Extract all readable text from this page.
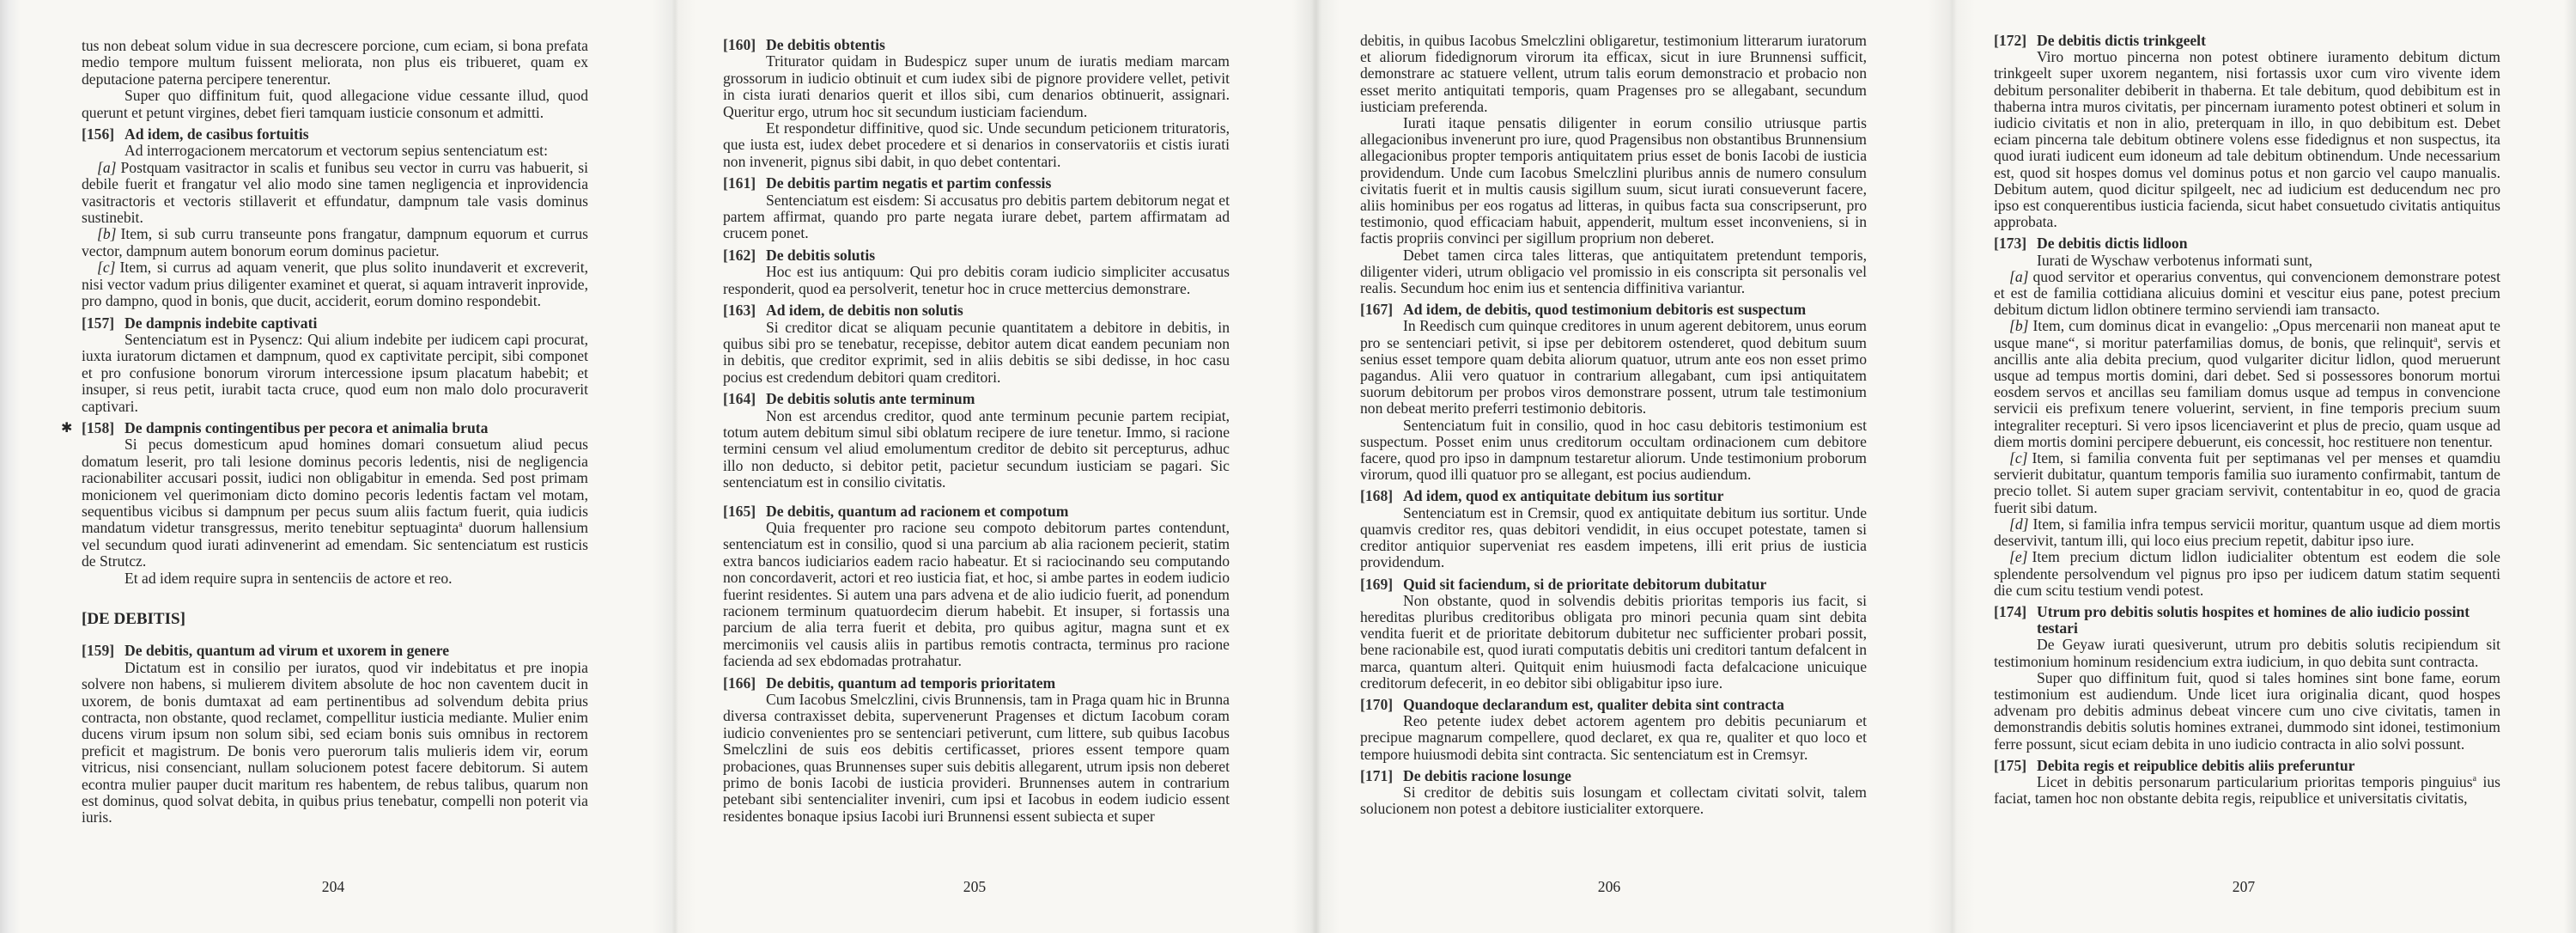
tus non debeat solum vidue in sua decrescere porcione, cum eciam, si bona prefata medio tempore multum fuissent meliorata, non plus eis tribueret, quam ex deputacione paterna percipere tenerentur.

Super quo diffinitum fuit, quod allegacione vidue cessante illud, quod querunt et petunt virgines, debet fieri tamquam iusticie consonum et admitti.

[156] Ad idem, de casibus fortuitis

Ad interrogacionem mercatorum et vectorum sepius sentenciatum est:

[a] Postquam vasitractor in scalis et funibus seu vector in curru vas habuerit, si debile fuerit et frangatur vel alio modo sine tamen negligencia et inprovidencia vasitractoris et vectoris stillaverit et effundatur, dampnum tale vasis dominus sustinebit.

[b] Item, si sub curru transeunte pons frangatur, dampnum equorum et currus vector, dampnum autem bonorum eorum dominus pacietur.

[c] Item, si currus ad aquam venerit, que plus solito inundaverit et excreverit, nisi vector vadum prius diligenter examinet et querat, si aquam intraverit inprovide, pro dampno, quod in bonis, que ducit, acciderit, eorum domino respondebit.

[157] De dampnis indebite captivati

Sentenciatum est in Pysencz: Qui alium indebite per iudicem capi procurat, iuxta iuratorum dictamen et dampnum, quod ex captivitate percipit, sibi componet et pro confusione bonorum virorum intercessione ipsum placatum habebit; et insuper, si reus petit, iurabit tacta cruce, quod eum non malo dolo procuraverit captivari.

✱ [158] De dampnis contingentibus per pecora et animalia bruta

Si pecus domesticum apud homines domari consuetum aliud pecus domatum leserit, pro tali lesione dominus pecoris ledentis, nisi de negligencia racionabiliter accusari possit, iudici non obligabitur in emenda. Sed post primam monicionem vel querimoniam dicto domino pecoris ledentis factam vel motam, sequentibus vicibus si dampnum per pecus suum aliis factum fuerit, quia iudicis mandatum videtur transgressus, merito tenebitur septuaginta$^a$ duorum hallensium vel secundum quod iurati adinvenerint ad emendam. Sic sentenciatum est rusticis de Strutcz.

Et ad idem require supra in sentenciis de actore et reo.

[DE DEBITIS]
[159] De debitis, quantum ad virum et uxorem in genere

Dictatum est in consilio per iuratos, quod vir indebitatus et pre inopia solvere non habens, si mulierem divitem absolute de hoc non caventem ducit in uxorem, de bonis dumtaxat ad eam pertinentibus ad solvendum debita prius contracta, non obstante, quod reclamet, compellitur iusticia mediante. Mulier enim ducens virum ipsum non solum sibi, sed eciam bonis suis omnibus in rectorem preficit et magistrum. De bonis vero puerorum talis mulieris idem vir, eorum vitricus, nisi consenciant, nullam solucionem potest facere debitorum. Si autem econtra mulier pauper ducit maritum res habentem, de rebus talibus, quarum non est dominus, quod solvat debita, in quibus prius tenebatur, compelli non poterit via iuris.

[160] De debitis obtentis

Triturator quidam in Budespicz super unum de iuratis mediam marcam grossorum in iudicio obtinuit et cum iudex sibi de pignore providere vellet, petivit in cista iurati denarios querit et illos sibi, cum denarios obtinuerit, assignari. Queritur ergo, utrum hoc sit secundum iusticiam faciendum.

Et respondetur diffinitive, quod sic. Unde secundum peticionem trituratoris, que iusta est, iudex debet procedere et si denarios in conservatoriis et cistis iurati non invenerit, pignus sibi dabit, in quo debet contentari.

[161] De debitis partim negatis et partim confessis

Sentenciatum est eisdem: Si accusatus pro debitis partem debitorum negat et partem affirmat, quando pro parte negata iurare debet, partem affirmatam ad crucem ponet.

[162] De debitis solutis

Hoc est ius antiquum: Qui pro debitis coram iudicio simpliciter accusatus responderit, quod ea persolverit, tenetur hoc in cruce mettercius demonstrare.

[163] Ad idem, de debitis non solutis

Si creditor dicat se aliquam pecunie quantitatem a debitore in debitis, in quibus sibi pro se tenebatur, recepisse, debitor autem dicat eandem pecuniam non in debitis, que creditor exprimit, sed in aliis debitis se sibi dedisse, in hoc casu pocius est credendum debitori quam creditori.

[164] De debitis solutis ante terminum

Non est arcendus creditor, quod ante terminum pecunie partem recipiat, totum autem debitum simul sibi oblatum recipere de iure tenetur. Immo, si racione termini censum vel aliud emolumentum creditor de debito sit percepturus, adhuc illo non deducto, si debitor petit, pacietur secundum iusticiam se pagari. Sic sentenciatum est in consilio civitatis.

[165] De debitis, quantum ad racionem et compotum

Quia frequenter pro racione seu compoto debitorum partes contendunt, sentenciatum est in consilio, quod si una parcium ab alia racionem pecierit, statim extra bancos iudiciarios eadem racio habeatur. Et si raciocinando seu computando non concordaverit, actori et reo iusticia fiat, et hoc, si ambe partes in eodem iudicio fuerint residentes. Si autem una pars advena et de alio iudicio fuerit, ad ponendum racionem terminum quatuordecim dierum habebit. Et insuper, si fortassis una parcium de alia terra fuerit et debita, pro quibus agitur, magna sunt et ex mercimoniis vel causis aliis in partibus remotis contracta, terminus pro racione facienda ad sex ebdomadas protrahatur.

[166] De debitis, quantum ad temporis prioritatem

Cum Iacobus Smelczlini, civis Brunnensis, tam in Praga quam hic in Brunna diversa contraxisset debita, supervenerunt Pragenses et dictum Iacobum coram iudicio convenientes pro se sentenciari petiverunt, cum littere, sub quibus Iacobus Smelczlini de suis eos debitis certificasset, priores essent tempore quam probaciones, quas Brunnenses super suis debitis allegarent, utrum ipsis non deberet primo de bonis Iacobi de iusticia provideri. Brunnenses autem in contrarium petebant sibi sentencialiter inveniri, cum ipsi et Iacobus in eodem iudicio essent residentes bonaque ipsius Iacobi iuri Brunnensi essent subiecta et super

debitis, in quibus Iacobus Smelczlini obligaretur, testimonium litterarum iuratorum et aliorum fidedignorum virorum ita efficax, sicut in iure Brunnensi sufficit, demonstrare ac statuere vellent, utrum talis eorum demonstracio et probacio non esset merito antiquitati temporis, quam Pragenses pro se allegabant, secundum iusticiam preferenda.

Iurati itaque pensatis diligenter in eorum consilio utriusque partis allegacionibus invenerunt pro iure, quod Pragensibus non obstantibus Brunnensium allegacionibus propter temporis antiquitatem prius esset de bonis Iacobi de iusticia providendum. Unde cum Iacobus Smelczlini pluribus annis de numero consulum civitatis fuerit et in multis causis sigillum suum, sicut iurati consueverunt facere, aliis hominibus per eos rogatus ad litteras, in quibus facta sua conscripserunt, pro testimonio, quod efficaciam habuit, appenderit, multum esset inconveniens, si in factis propriis convinci per sigillum proprium non deberet.

Debet tamen circa tales litteras, que antiquitatem pretendunt temporis, diligenter videri, utrum obligacio vel promissio in eis conscripta sit personalis vel realis. Secundum hoc enim ius et sentencia diffinitiva variantur.

[167] Ad idem, de debitis, quod testimonium debitoris est suspectum

In Reedisch cum quinque creditores in unum agerent debitorem, unus eorum pro se sentenciari petivit, si ipse per debitorem ostenderet, quod debitum suum senius esset tempore quam debita aliorum quatuor, utrum ante eos non esset primo pagandus. Alii vero quatuor in contrarium allegabant, cum ipsi antiquitatem suorum debitorum per probos viros demonstrare possent, utrum tale testimonium non debeat merito preferri testimonio debitoris.

Sentenciatum fuit in consilio, quod in hoc casu debitoris testimonium est suspectum. Posset enim unus creditorum occultam ordinacionem cum debitore facere, quod pro ipso in dampnum testaretur aliorum. Unde testimonium proborum virorum, quod illi quatuor pro se allegant, est pocius audiendum.

[168] Ad idem, quod ex antiquitate debitum ius sortitur

Sentenciatum est in Cremsir, quod ex antiquitate debitum ius sortitur. Unde quamvis creditor res, quas debitori vendidit, in eius occupet potestate, tamen si creditor antiquior superveniat res easdem impetens, illi erit prius de iusticia providendum.

[169] Quid sit faciendum, si de prioritate debitorum dubitatur

Non obstante, quod in solvendis debitis prioritas temporis ius facit, si hereditas pluribus creditoribus obligata pro minori pecunia quam sint debita vendita fuerit et de prioritate debitorum dubitetur nec sufficienter probari possit, bene racionabile est, quod iurati computatis debitis uni creditori tantum defalcent in marca, quantum alteri. Quitquit enim huiusmodi facta defalcacione unicuique creditorum defecerit, in eo debitor sibi obligabitur ipso iure.

[170] Quandoque declarandum est, qualiter debita sint contracta

Reo petente iudex debet actorem agentem pro debitis pecuniarum et precipue magnarum compellere, quod declaret, ex qua re, qualiter et quo loco et tempore huiusmodi debita sint contracta. Sic sentenciatum est in Cremsyr.

[171] De debitis racione losunge

Si creditor de debitis suis losungam et collectam civitati solvit, talem solucionem non potest a debitore iusticialiter extorquere.

[172] De debitis dictis trinkgeelt

Viro mortuo pincerna non potest obtinere iuramento debitum dictum trinkgeelt super uxorem negantem, nisi fortassis uxor cum viro vivente idem debitum personaliter debiberit in thaberna. Et tale debitum, quod debibitum est in thaberna intra muros civitatis, per pincernam iuramento potest obtineri et solum in iudicio civitatis et non in alio, preterquam in illo, in quo debibitum est. Debet eciam pincerna tale debitum obtinere volens esse fidedignus et non suspectus, ita quod iurati iudicent eum idoneum ad tale debitum obtinendum. Unde necessarium est, quod sit hospes domus vel dominus potus et non garcio vel caupo manualis. Debitum autem, quod dicitur spilgeelt, nec ad iudicium est deducendum nec pro ipso est conquerentibus iusticia facienda, sicut habet consuetudo civitatis antiquitus approbata.

[173] De debitis dictis lidloon

Iurati de Wyschaw verbotenus informati sunt,

[a] quod servitor et operarius conventus, qui convencionem demonstrare potest et est de familia cottidiana alicuius domini et vescitur eius pane, potest precium debitum dictum lidlon obtinere termino serviendi iam transacto.

[b] Item, cum dominus dicat in evangelio: „Opus mercenarii non maneat aput te usque mane“, si moritur paterfamilias domus, de bonis, que relinquit$^a$, servis et ancillis ante alia debita precium, quod vulgariter dicitur lidlon, quod meruerunt usque ad tempus mortis domini, dari debet. Sed si possessores bonorum mortui eosdem servos et ancillas seu familiam domus usque ad tempus in convencione servicii eis prefixum tenere voluerint, servient, in fine temporis precium suum integraliter recepturi. Si vero ipsos licenciaverint et plus de precio, quam usque ad diem mortis domini percipere debuerunt, eis concessit, hoc restituere non tenentur.

[c] Item, si familia conventa fuit per septimanas vel per menses et quamdiu servierit dubitatur, quantum temporis familia suo iuramento confirmabit, tantum de precio tollet. Si autem super graciam servivit, contentabitur in eo, quod de gracia fuerit sibi datum.

[d] Item, si familia infra tempus servicii moritur, quantum usque ad diem mortis deservivit, tantum illi, qui loco eius precium repetit, dabitur ipso iure.

[e] Item precium dictum lidlon iudicialiter obtentum est eodem die sole splendente persolvendum vel pignus pro ipso per iudicem datum statim sequenti die cum scitu testium vendi potest.

[174] Utrum pro debitis solutis hospites et homines de alio iudicio possint testari

De Geyaw iurati quesiverunt, utrum pro debitis solutis recipiendum sit testimonium hominum residencium extra iudicium, in quo debita sunt contracta.

Super quo diffinitum fuit, quod si tales homines sint bone fame, eorum testimonium est audiendum. Unde licet iura originalia dicant, quod hospes advenam pro debitis adminus debeat vincere cum uno cive civitatis, tamen in demonstrandis debitis solutis homines extranei, dummodo sint idonei, testimonium ferre possunt, sicut eciam debita in uno iudicio contracta in alio solvi possunt.

[175] Debita regis et reipublice debitis aliis preferuntur

Licet in debitis personarum particularium prioritas temporis pinguius$^a$ ius faciat, tamen hoc non obstante debita regis, reipublice et universitatis civitatis,

204	205	206	207
